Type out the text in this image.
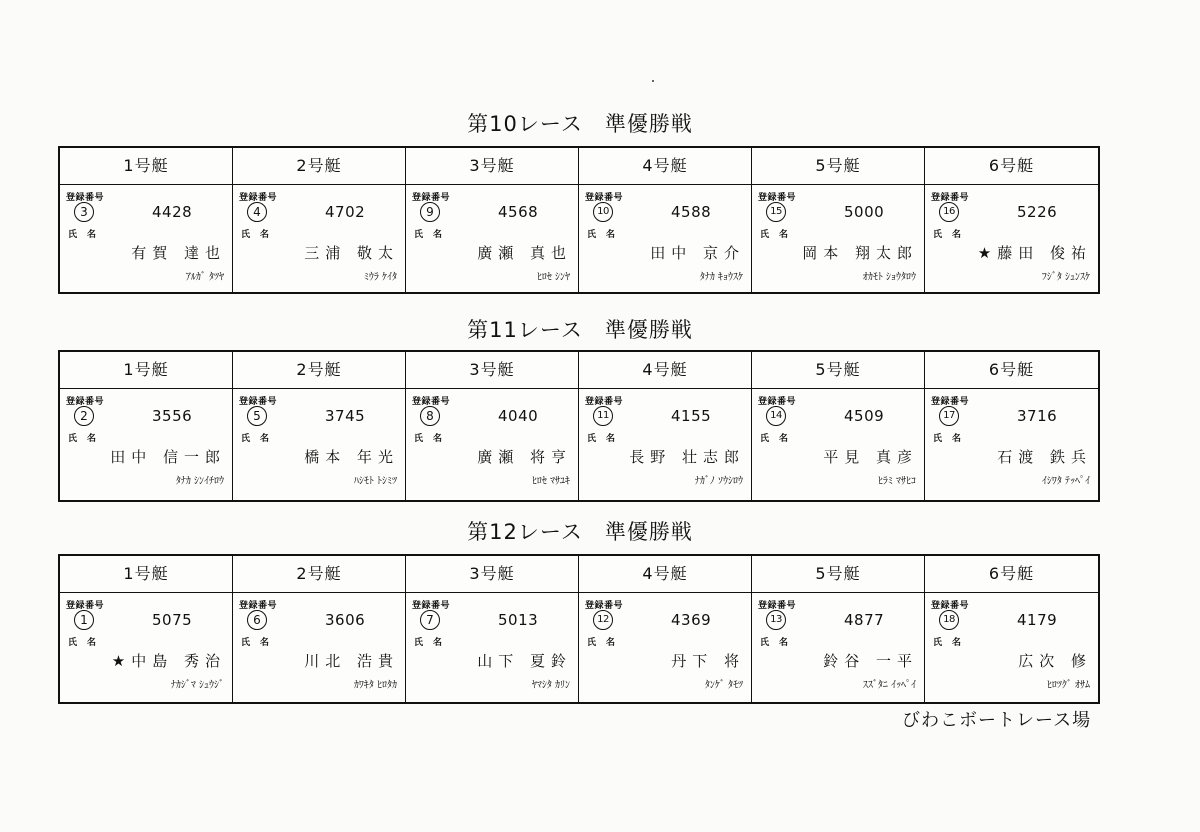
第10レース　準優勝戦
1号艇
登録番号
3	4428
氏名
有賀 達也
ｱﾙｶﾞ ﾀﾂﾔ
2号艇
登録番号
4	4702
氏名
三浦 敬太
ﾐｳﾗ ｹｲﾀ
3号艇
登録番号
9	4568
氏名
廣瀬 真也
ﾋﾛｾ ｼﾝﾔ
4号艇
登録番号
10	4588
氏名
田中 京介
ﾀﾅｶ ｷｮｳｽｹ
5号艇
登録番号
15	5000
氏名
岡本 翔太郎
ｵｶﾓﾄ ｼｮｳﾀﾛｳ
6号艇
登録番号
16	5226
氏名
★藤田 俊祐
ﾌｼﾞﾀ ｼｭﾝｽｹ
第11レース　準優勝戦
1号艇
登録番号
2	3556
氏名
田中 信一郎
ﾀﾅｶ ｼﾝｲﾁﾛｳ
2号艇
登録番号
5	3745
氏名
橋本 年光
ﾊｼﾓﾄ ﾄｼﾐﾂ
3号艇
登録番号
8	4040
氏名
廣瀬 将亨
ﾋﾛｾ ﾏｻﾕｷ
4号艇
登録番号
11	4155
氏名
長野 壮志郎
ﾅｶﾞﾉ ｿｳｼﾛｳ
5号艇
登録番号
14	4509
氏名
平見 真彦
ﾋﾗﾐ ﾏｻﾋｺ
6号艇
登録番号
17	3716
氏名
石渡 鉄兵
ｲｼﾜﾀ ﾃｯﾍﾟｲ
第12レース　準優勝戦
1号艇
登録番号
1	5075
氏名
★中島 秀治
ﾅｶｼﾞﾏ ｼｭｳｼﾞ
2号艇
登録番号
6	3606
氏名
川北 浩貴
ｶﾜｷﾀ ﾋﾛﾀｶ
3号艇
登録番号
7	5013
氏名
山下 夏鈴
ﾔﾏｼﾀ ｶﾘﾝ
4号艇
登録番号
12	4369
氏名
丹下 将
ﾀﾝｹﾞ ﾀﾓﾂ
5号艇
登録番号
13	4877
氏名
鈴谷 一平
ｽｽﾞﾀﾆ ｲｯﾍﾟｲ
6号艇
登録番号
18	4179
氏名
広次 修
ﾋﾛﾂｸﾞ ｵｻﾑ
びわこボートレース場
